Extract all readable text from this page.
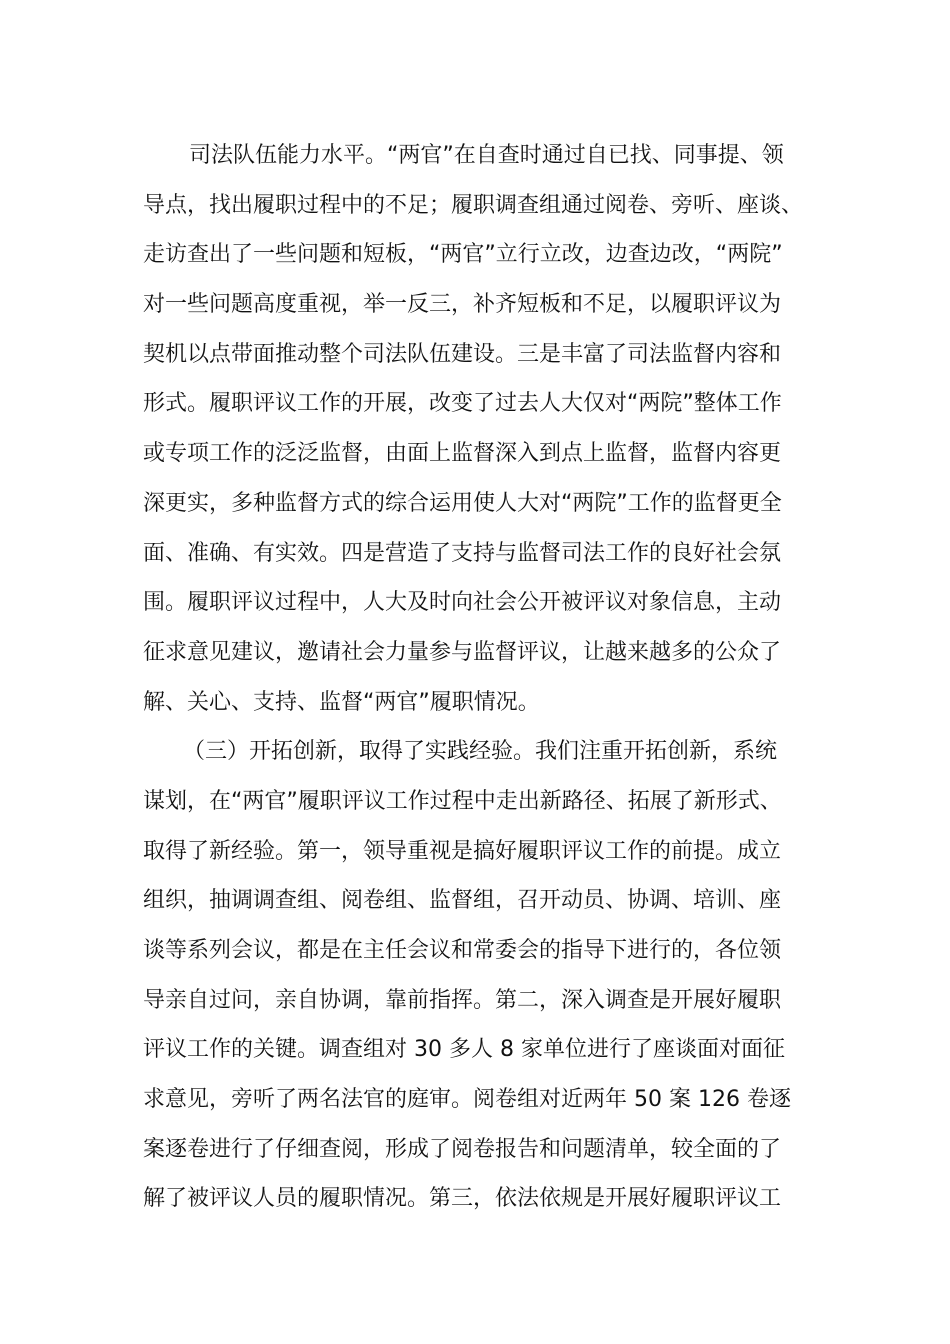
司法队伍能力水平。“两官”在自查时通过自已找、同事提、领
导点，找出履职过程中的不足；履职调查组通过阅卷、旁听、座谈、
走访查出了一些问题和短板，“两官”立行立改，边查边改，“两院”
对一些问题高度重视，举一反三，补齐短板和不足，以履职评议为
契机以点带面推动整个司法队伍建设。三是丰富了司法监督内容和
形式。履职评议工作的开展，改变了过去人大仅对“两院”整体工作
或专项工作的泛泛监督，由面上监督深入到点上监督，监督内容更
深更实，多种监督方式的综合运用使人大对“两院”工作的监督更全
面、准确、有实效。四是营造了支持与监督司法工作的良好社会氛
围。履职评议过程中，人大及时向社会公开被评议对象信息，主动
征求意见建议，邀请社会力量参与监督评议，让越来越多的公众了
解、关心、支持、监督“两官”履职情况。
（三）开拓创新，取得了实践经验。我们注重开拓创新，系统
谋划，在“两官”履职评议工作过程中走出新路径、拓展了新形式、
取得了新经验。第一，领导重视是搞好履职评议工作的前提。成立
组织，抽调调查组、阅卷组、监督组，召开动员、协调、培训、座
谈等系列会议，都是在主任会议和常委会的指导下进行的，各位领
导亲自过问，亲自协调，靠前指挥。第二，深入调查是开展好履职
评议工作的关键。调查组对 30 多人 8 家单位进行了座谈面对面征
求意见，旁听了两名法官的庭审。阅卷组对近两年 50 案 126 卷逐
案逐卷进行了仔细查阅，形成了阅卷报告和问题清单，较全面的了
解了被评议人员的履职情况。第三，依法依规是开展好履职评议工
